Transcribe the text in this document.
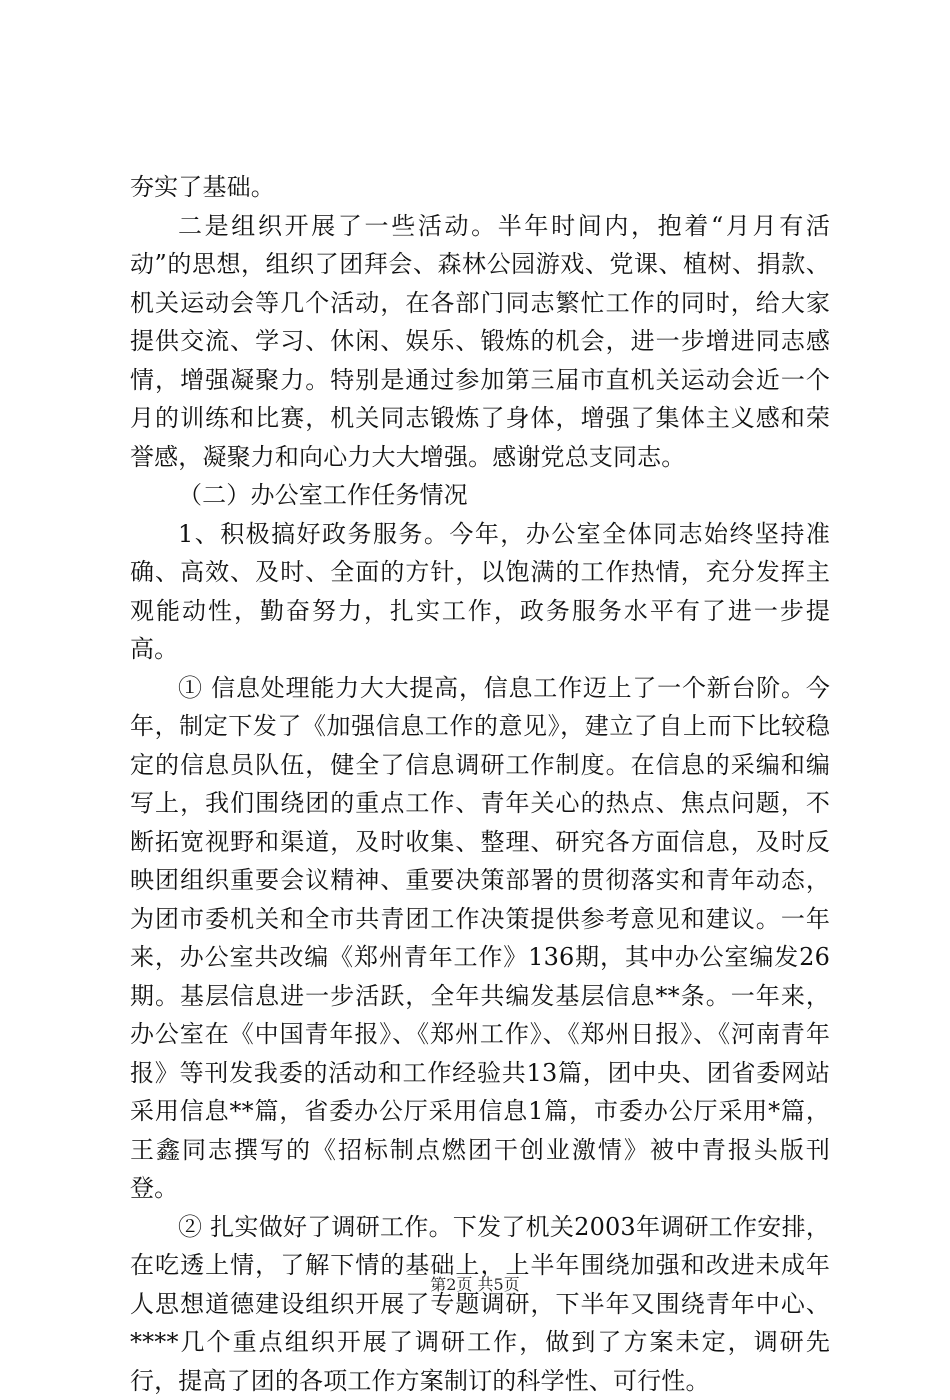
夯实了基础。

二是组织开展了一些活动。半年时间内，抱着“月月有活动”的思想，组织了团拜会、森林公园游戏、党课、植树、捐款、机关运动会等几个活动，在各部门同志繁忙工作的同时，给大家提供交流、学习、休闲、娱乐、锻炼的机会，进一步增进同志感情，增强凝聚力。特别是通过参加第三届市直机关运动会近一个月的训练和比赛，机关同志锻炼了身体，增强了集体主义感和荣誉感，凝聚力和向心力大大增强。感谢党总支同志。

（二）办公室工作任务情况

1、积极搞好政务服务。今年，办公室全体同志始终坚持准确、高效、及时、全面的方针，以饱满的工作热情，充分发挥主观能动性，勤奋努力，扎实工作，政务服务水平有了进一步提高。

① 信息处理能力大大提高，信息工作迈上了一个新台阶。今年，制定下发了《加强信息工作的意见》，建立了自上而下比较稳定的信息员队伍，健全了信息调研工作制度。在信息的采编和编写上，我们围绕团的重点工作、青年关心的热点、焦点问题，不断拓宽视野和渠道，及时收集、整理、研究各方面信息，及时反映团组织重要会议精神、重要决策部署的贯彻落实和青年动态，为团市委机关和全市共青团工作决策提供参考意见和建议。一年来，办公室共改编《郑州青年工作》136期，其中办公室编发26期。基层信息进一步活跃，全年共编发基层信息**条。一年来，办公室在《中国青年报》、《郑州工作》、《郑州日报》、《河南青年报》等刊发我委的活动和工作经验共13篇，团中央、团省委网站采用信息**篇，省委办公厅采用信息1篇，市委办公厅采用*篇，王鑫同志撰写的《招标制点燃团干创业激情》被中青报头版刊登。

② 扎实做好了调研工作。下发了机关2003年调研工作安排，在吃透上情，了解下情的基础上，上半年围绕加强和改进未成年人思想道德建设组织开展了专题调研，下半年又围绕青年中心、****几个重点组织开展了调研工作，做到了方案未定，调研先行，提高了团的各项工作方案制订的科学性、可行性。

第2页 共5页
